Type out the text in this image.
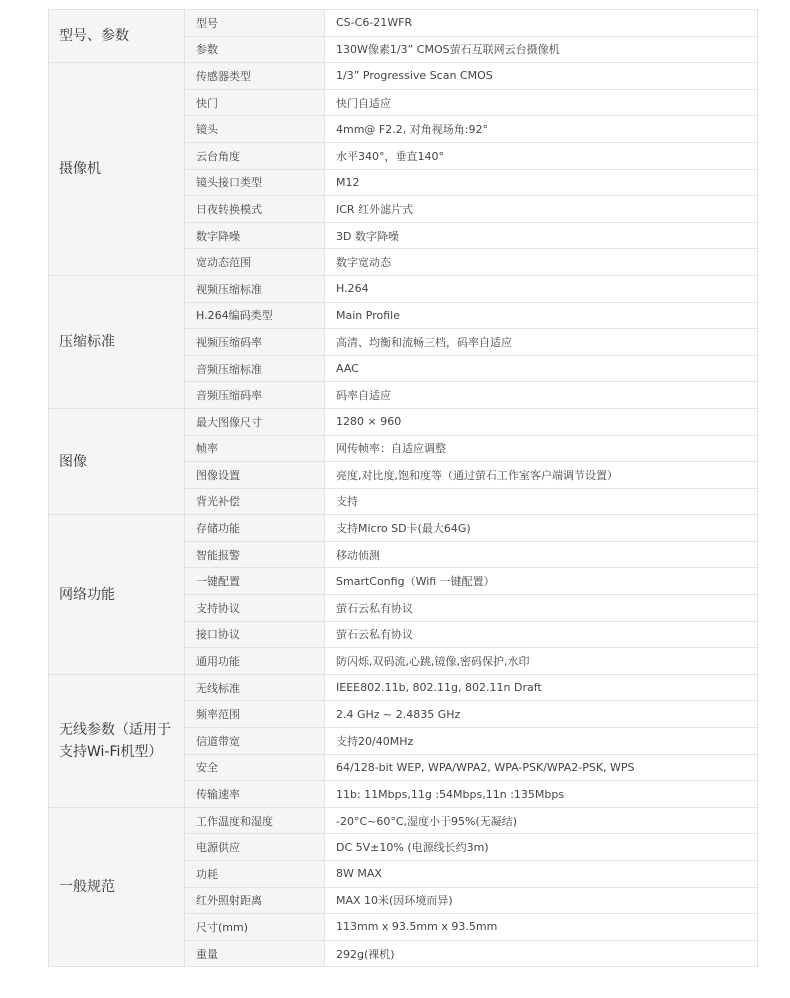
型号、参数	型号	CS-C6-21WFR
	参数	130W像素1/3” CMOS萤石互联网云台摄像机
摄像机	传感器类型	1/3” Progressive Scan CMOS
	快门	快门自适应
	镜头	4mm@ F2.2, 对角视场角:92°
	云台角度	水平340°，垂直140°
	镜头接口类型	M12
	日夜转换模式	ICR 红外滤片式
	数字降噪	3D 数字降噪
	宽动态范围	数字宽动态
压缩标准	视频压缩标准	H.264
	H.264编码类型	Main Profile
	视频压缩码率	高清、均衡和流畅三档，码率自适应
	音频压缩标准	AAC
	音频压缩码率	码率自适应
图像	最大图像尺寸	1280 × 960
	帧率	网传帧率：自适应调整
	图像设置	亮度,对比度,饱和度等（通过萤石工作室客户端调节设置）
	背光补偿	支持
网络功能	存储功能	支持Micro SD卡(最大64G)
	智能报警	移动侦测
	一键配置	SmartConfig（Wifi 一键配置）
	支持协议	萤石云私有协议
	接口协议	萤石云私有协议
	通用功能	防闪烁,双码流,心跳,镜像,密码保护,水印
无线参数（适用于
支持Wi-Fi机型）	无线标准	IEEE802.11b, 802.11g, 802.11n Draft
	频率范围	2.4 GHz ~ 2.4835 GHz
	信道带宽	支持20/40MHz
	安全	64/128-bit WEP, WPA/WPA2, WPA-PSK/WPA2-PSK, WPS
	传输速率	11b: 11Mbps,11g :54Mbps,11n :135Mbps
一般规范	工作温度和湿度	-20°C~60°C,湿度小于95%(无凝结)
	电源供应	DC 5V±10% (电源线长约3m)
	功耗	8W MAX
	红外照射距离	MAX 10米(因环境而异)
	尺寸(mm)	113mm x 93.5mm x 93.5mm
	重量	292g(裸机)
